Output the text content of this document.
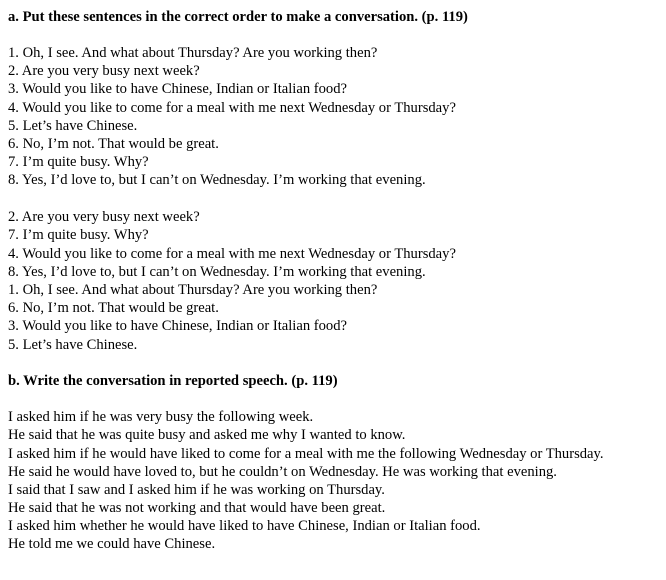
a. Put these sentences in the correct order to make a conversation. (p. 119)
1. Oh, I see. And what about Thursday? Are you working then?
2. Are you very busy next week?
3. Would you like to have Chinese, Indian or Italian food?
4. Would you like to come for a meal with me next Wednesday or Thursday?
5. Let’s have Chinese.
6. No, I’m not. That would be great.
7. I’m quite busy. Why?
8. Yes, I’d love to, but I can’t on Wednesday. I’m working that evening.
2. Are you very busy next week?
7. I’m quite busy. Why?
4. Would you like to come for a meal with me next Wednesday or Thursday?
8. Yes, I’d love to, but I can’t on Wednesday. I’m working that evening.
1. Oh, I see. And what about Thursday? Are you working then?
6. No, I’m not. That would be great.
3. Would you like to have Chinese, Indian or Italian food?
5. Let’s have Chinese.
b. Write the conversation in reported speech. (p. 119)
I asked him if he was very busy the following week.
He said that he was quite busy and asked me why I wanted to know.
I asked him if he would have liked to come for a meal with me the following Wednesday or Thursday.
He said he would have loved to, but he couldn’t on Wednesday. He was working that evening.
I said that I saw and I asked him if he was working on Thursday.
He said that he was not working and that would have been great.
I asked him whether he would have liked to have Chinese, Indian or Italian food.
He told me we could have Chinese.
